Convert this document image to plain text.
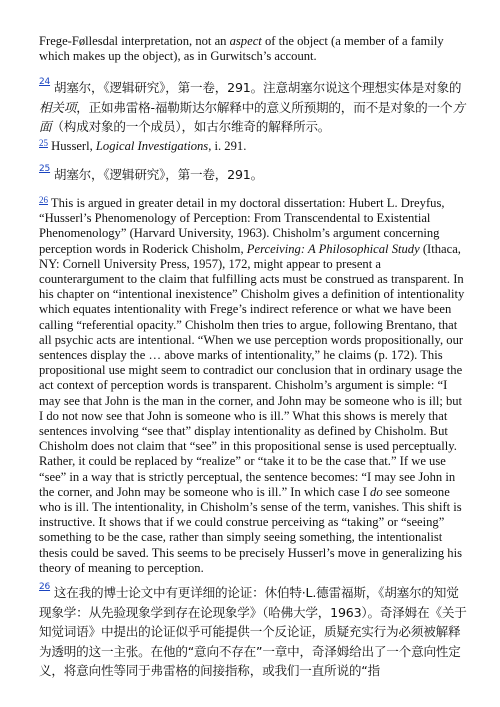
Frege-Føllesdal interpretation, not an aspect of the object (a member of a family which makes up the object), as in Gurwitsch’s account.

$^{24}$ 胡塞尔，《逻辑研究》，第一卷，291。注意胡塞尔说这个理想实体是对象的相关项，正如弗雷格-福勒斯达尔解释中的意义所预期的，而不是对象的一个方面（构成对象的一个成员），如古尔维奇的解释所示。

$^{25}$ Husserl, Logical Investigations, i. 291.

$^{25}$ 胡塞尔，《逻辑研究》，第一卷，291。

$^{26}$ This is argued in greater detail in my doctoral dissertation: Hubert L. Dreyfus, “Husserl’s Phenomenology of Perception: From Transcendental to Existential Phenomenology” (Harvard University, 1963). Chisholm’s argument concerning perception words in Roderick Chisholm, Perceiving: A Philosophical Study (Ithaca, NY: Cornell University Press, 1957), 172, might appear to present a counterargument to the claim that fulfilling acts must be construed as transparent. In his chapter on “intentional inexistence” Chisholm gives a definition of intentionality which equates intentionality with Frege’s indirect reference or what we have been calling “referential opacity.” Chisholm then tries to argue, following Brentano, that all psychic acts are intentional. “When we use perception words propositionally, our sentences display the … above marks of intentionality,” he claims (p. 172). This propositional use might seem to contradict our conclusion that in ordinary usage the act context of perception words is transparent. Chisholm’s argument is simple: “I may see that John is the man in the corner, and John may be someone who is ill; but I do not now see that John is someone who is ill.” What this shows is merely that sentences involving “see that” display intentionality as defined by Chisholm. But Chisholm does not claim that “see” in this propositional sense is used perceptually. Rather, it could be replaced by “realize” or “take it to be the case that.” If we use “see” in a way that is strictly perceptual, the sentence becomes: “I may see John in the corner, and John may be someone who is ill.” In which case I do see someone who is ill. The intentionality, in Chisholm’s sense of the term, vanishes. This shift is instructive. It shows that if we could construe perceiving as “taking” or “seeing” something to be the case, rather than simply seeing something, the intentionalist thesis could be saved. This seems to be precisely Husserl’s move in generalizing his theory of meaning to perception.

$^{26}$ 这在我的博士论文中有更详细的论证：休伯特·L.德雷福斯，《胡塞尔的知觉现象学：从先验现象学到存在论现象学》（哈佛大学，1963）。奇泽姆在《关于知觉词语》中提出的论证似乎可能提供一个反论证，质疑充实行为必须被解释为透明的这一主张。在他的“意向不存在”一章中，奇泽姆给出了一个意向性定义，将意向性等同于弗雷格的间接指称，或我们一直所说的“指
